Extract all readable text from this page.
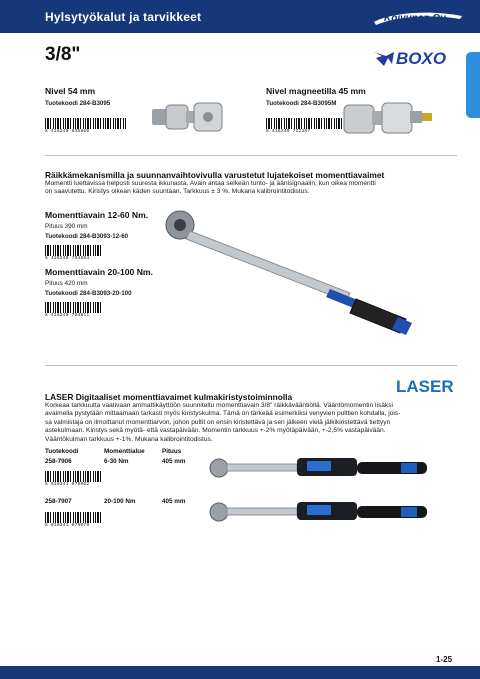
Hylsytyökalut ja tarvikkeet	Koivunen Oy
3/8"	BOXO
Nivel 54 mm
Tuotekoodi 284-B3095
6 416240 635869
Nivel magneetilla 45 mm
Tuotekoodi 284-B3095M
6 416240 722307
Räikkämekanismilla ja suunnanvaihtovivulla varustetut lujatekoiset momenttiavaimet
Momentti luettavissa helposti suuresta ikkunasta. Avain antaa selkeän tunto- ja äänisignaalin, kun oikea momentti
on saavutettu. Kiristys oikean käden suuntaan. Tarkkuus ± 3 %. Mukana kalibrointitodistus.
Momenttiavain 12-60 Nm.
Pituus 390 mm
Tuotekoodi 284-B3093-12-60
6 416240 704804
Momenttiavain 20-100 Nm.
Pituus 420 mm
Tuotekoodi 284-B3093-20-100
6 416240 704811
LASER
LASER Digitaaliset momenttiavaimet kulmakiristystoiminnolla
Korkeaa tarkkuutta vaativaan ammattikäyttöön suunniteltu momenttiavain 3/8" räikkävääntiöllä. Vääntömomentin lisäksi
avaimella pystytään mittaamaan tarkasti myös kiristyskulma. Tämä on tärkeää esimerkiksi venyvien pulttien kohdalla, jois-
sa valmistaja on ilmoittanut momenttiarvon, johon pultit on ensin kiristettävä ja sen jälkeen vielä jälkikiristettävä tiettyyn
astekulmaan. Kiristys sekä myötä- että vastapäivään. Momentin tarkkuus +-2% myötäpäivään, +-2,5% vastapäivään.
Vääntökulman tarkkuus +-1%. Mukana kalibrointitodistus.
Tuotekoodi	Momenttialue	Pituus
258-7906	6-30 Nm	405 mm
5 018341 079062
258-7907	20-100 Nm	405 mm
5 018341 079079
1-25
